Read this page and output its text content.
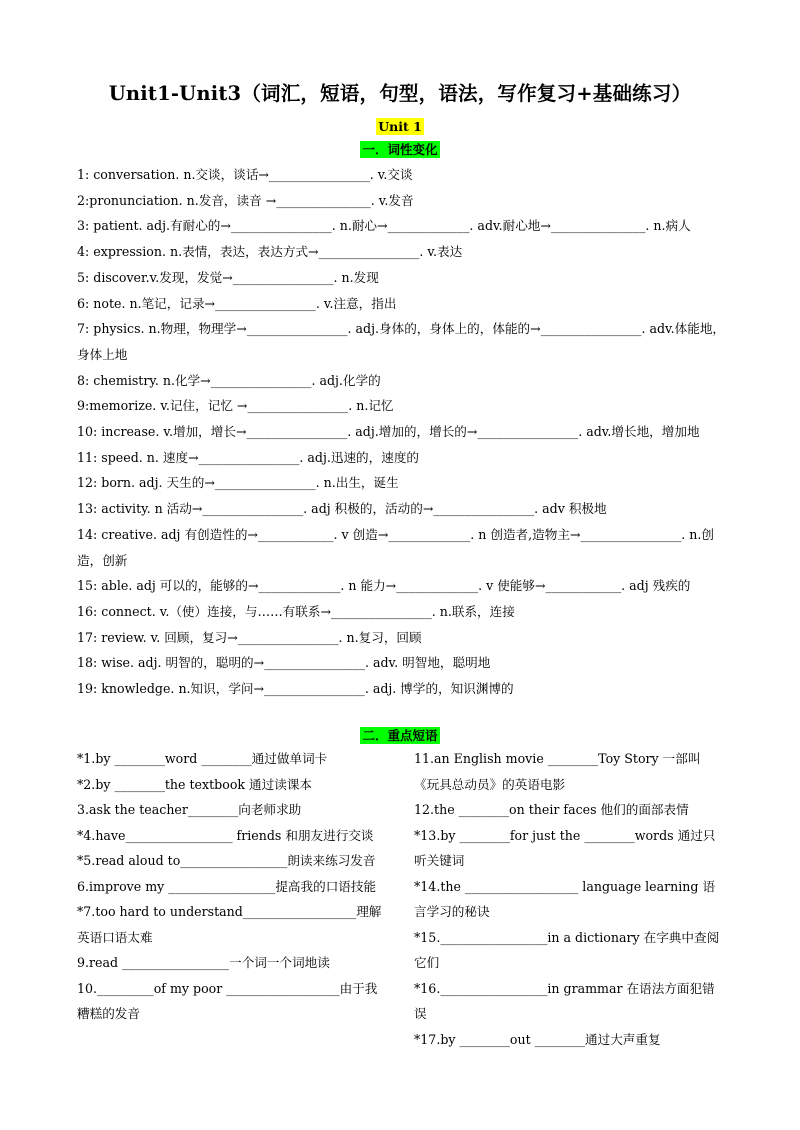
Unit1-Unit3（词汇，短语，句型，语法，写作复习+基础练习）
Unit 1
一．词性变化
1: conversation. n.交谈，谈话→________________. v.交谈
2:pronunciation. n.发音，读音 →_______________. v.发音
3: patient. adj.有耐心的→________________. n.耐心→_____________. adv.耐心地→_______________. n.病人
4: expression. n.表情，表达，表达方式→________________. v.表达
5: discover.v.发现，发觉→________________. n.发现
6: note. n.笔记，记录→________________. v.注意，指出
7: physics. n.物理，物理学→________________. adj.身体的，身体上的，体能的→________________. adv.体能地，身体上地
8: chemistry. n.化学→________________. adj.化学的
9:memorize. v.记住，记忆 →________________. n.记忆
10: increase. v.增加，增长→________________. adj.增加的，增长的→________________. adv.增长地，增加地
11: speed. n. 速度→________________. adj.迅速的，速度的
12: born. adj. 天生的→________________. n.出生，诞生
13: activity. n 活动→________________. adj 积极的，活动的→________________. adv 积极地
14: creative. adj 有创造性的→____________. v 创造→_____________. n 创造者,造物主→________________. n.创造，创新
15: able. adj 可以的，能够的→_____________. n 能力→_____________. v 使能够→____________. adj 残疾的
16: connect. v.（使）连接，与……有联系→________________. n.联系，连接
17: review. v. 回顾，复习→________________. n.复习，回顾
18: wise. adj. 明智的，聪明的→________________. adv. 明智地，聪明地
19: knowledge. n.知识，学问→________________. adj. 博学的，知识渊博的
二．重点短语
*1.by ________word ________通过做单词卡
*2.by ________the textbook 通过读课本
3.ask the teacher________向老师求助
*4.have_________________ friends 和朋友进行交谈
*5.read aloud to_________________朗读来练习发音
6.improve my _________________提高我的口语技能
*7.too hard to understand__________________理解英语口语太难
9.read _________________一个词一个词地读
10._________of my poor __________________由于我糟糕的发音
11.an English movie ________Toy Story 一部叫《玩具总动员》的英语电影
12.the ________on their faces 他们的面部表情
*13.by ________for just the ________words 通过只听关键词
*14.the __________________ language learning 语言学习的秘诀
*15._________________in a dictionary 在字典中查阅它们
*16._________________in grammar 在语法方面犯错误
*17.by ________out ________通过大声重复
